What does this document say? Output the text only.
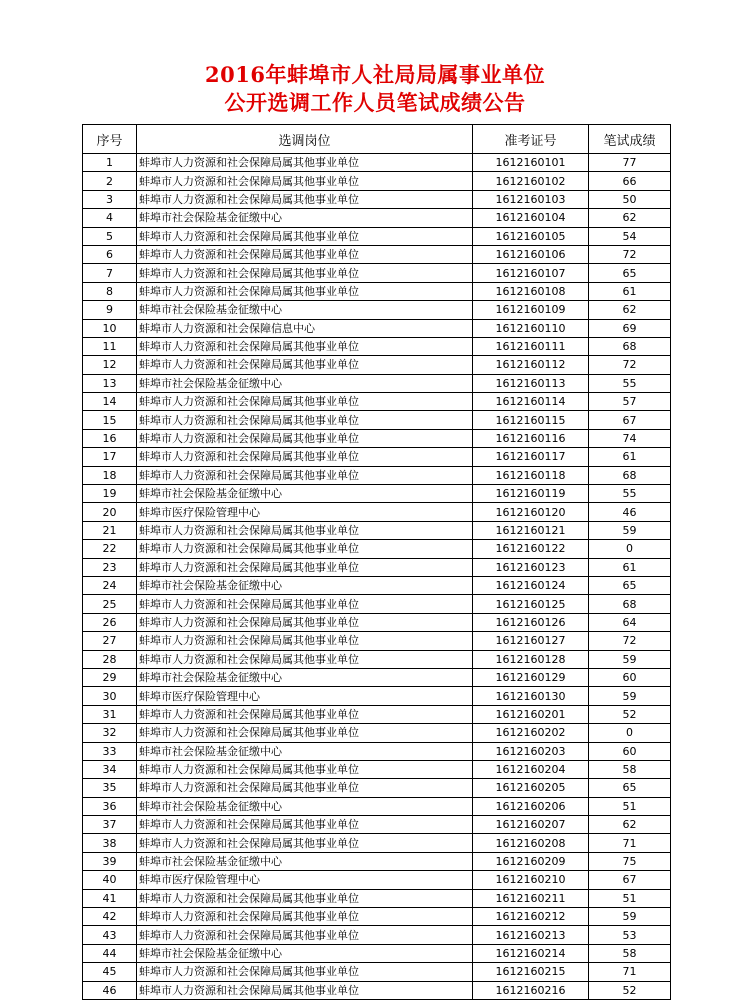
2016年蚌埠市人社局局属事业单位
公开选调工作人员笔试成绩公告
序号	选调岗位	准考证号	笔试成绩
1	蚌埠市人力资源和社会保障局属其他事业单位	1612160101	77
2	蚌埠市人力资源和社会保障局属其他事业单位	1612160102	66
3	蚌埠市人力资源和社会保障局属其他事业单位	1612160103	50
4	蚌埠市社会保险基金征缴中心	1612160104	62
5	蚌埠市人力资源和社会保障局属其他事业单位	1612160105	54
6	蚌埠市人力资源和社会保障局属其他事业单位	1612160106	72
7	蚌埠市人力资源和社会保障局属其他事业单位	1612160107	65
8	蚌埠市人力资源和社会保障局属其他事业单位	1612160108	61
9	蚌埠市社会保险基金征缴中心	1612160109	62
10	蚌埠市人力资源和社会保障信息中心	1612160110	69
11	蚌埠市人力资源和社会保障局属其他事业单位	1612160111	68
12	蚌埠市人力资源和社会保障局属其他事业单位	1612160112	72
13	蚌埠市社会保险基金征缴中心	1612160113	55
14	蚌埠市人力资源和社会保障局属其他事业单位	1612160114	57
15	蚌埠市人力资源和社会保障局属其他事业单位	1612160115	67
16	蚌埠市人力资源和社会保障局属其他事业单位	1612160116	74
17	蚌埠市人力资源和社会保障局属其他事业单位	1612160117	61
18	蚌埠市人力资源和社会保障局属其他事业单位	1612160118	68
19	蚌埠市社会保险基金征缴中心	1612160119	55
20	蚌埠市医疗保险管理中心	1612160120	46
21	蚌埠市人力资源和社会保障局属其他事业单位	1612160121	59
22	蚌埠市人力资源和社会保障局属其他事业单位	1612160122	0
23	蚌埠市人力资源和社会保障局属其他事业单位	1612160123	61
24	蚌埠市社会保险基金征缴中心	1612160124	65
25	蚌埠市人力资源和社会保障局属其他事业单位	1612160125	68
26	蚌埠市人力资源和社会保障局属其他事业单位	1612160126	64
27	蚌埠市人力资源和社会保障局属其他事业单位	1612160127	72
28	蚌埠市人力资源和社会保障局属其他事业单位	1612160128	59
29	蚌埠市社会保险基金征缴中心	1612160129	60
30	蚌埠市医疗保险管理中心	1612160130	59
31	蚌埠市人力资源和社会保障局属其他事业单位	1612160201	52
32	蚌埠市人力资源和社会保障局属其他事业单位	1612160202	0
33	蚌埠市社会保险基金征缴中心	1612160203	60
34	蚌埠市人力资源和社会保障局属其他事业单位	1612160204	58
35	蚌埠市人力资源和社会保障局属其他事业单位	1612160205	65
36	蚌埠市社会保险基金征缴中心	1612160206	51
37	蚌埠市人力资源和社会保障局属其他事业单位	1612160207	62
38	蚌埠市人力资源和社会保障局属其他事业单位	1612160208	71
39	蚌埠市社会保险基金征缴中心	1612160209	75
40	蚌埠市医疗保险管理中心	1612160210	67
41	蚌埠市人力资源和社会保障局属其他事业单位	1612160211	51
42	蚌埠市人力资源和社会保障局属其他事业单位	1612160212	59
43	蚌埠市人力资源和社会保障局属其他事业单位	1612160213	53
44	蚌埠市社会保险基金征缴中心	1612160214	58
45	蚌埠市人力资源和社会保障局属其他事业单位	1612160215	71
46	蚌埠市人力资源和社会保障局属其他事业单位	1612160216	52
